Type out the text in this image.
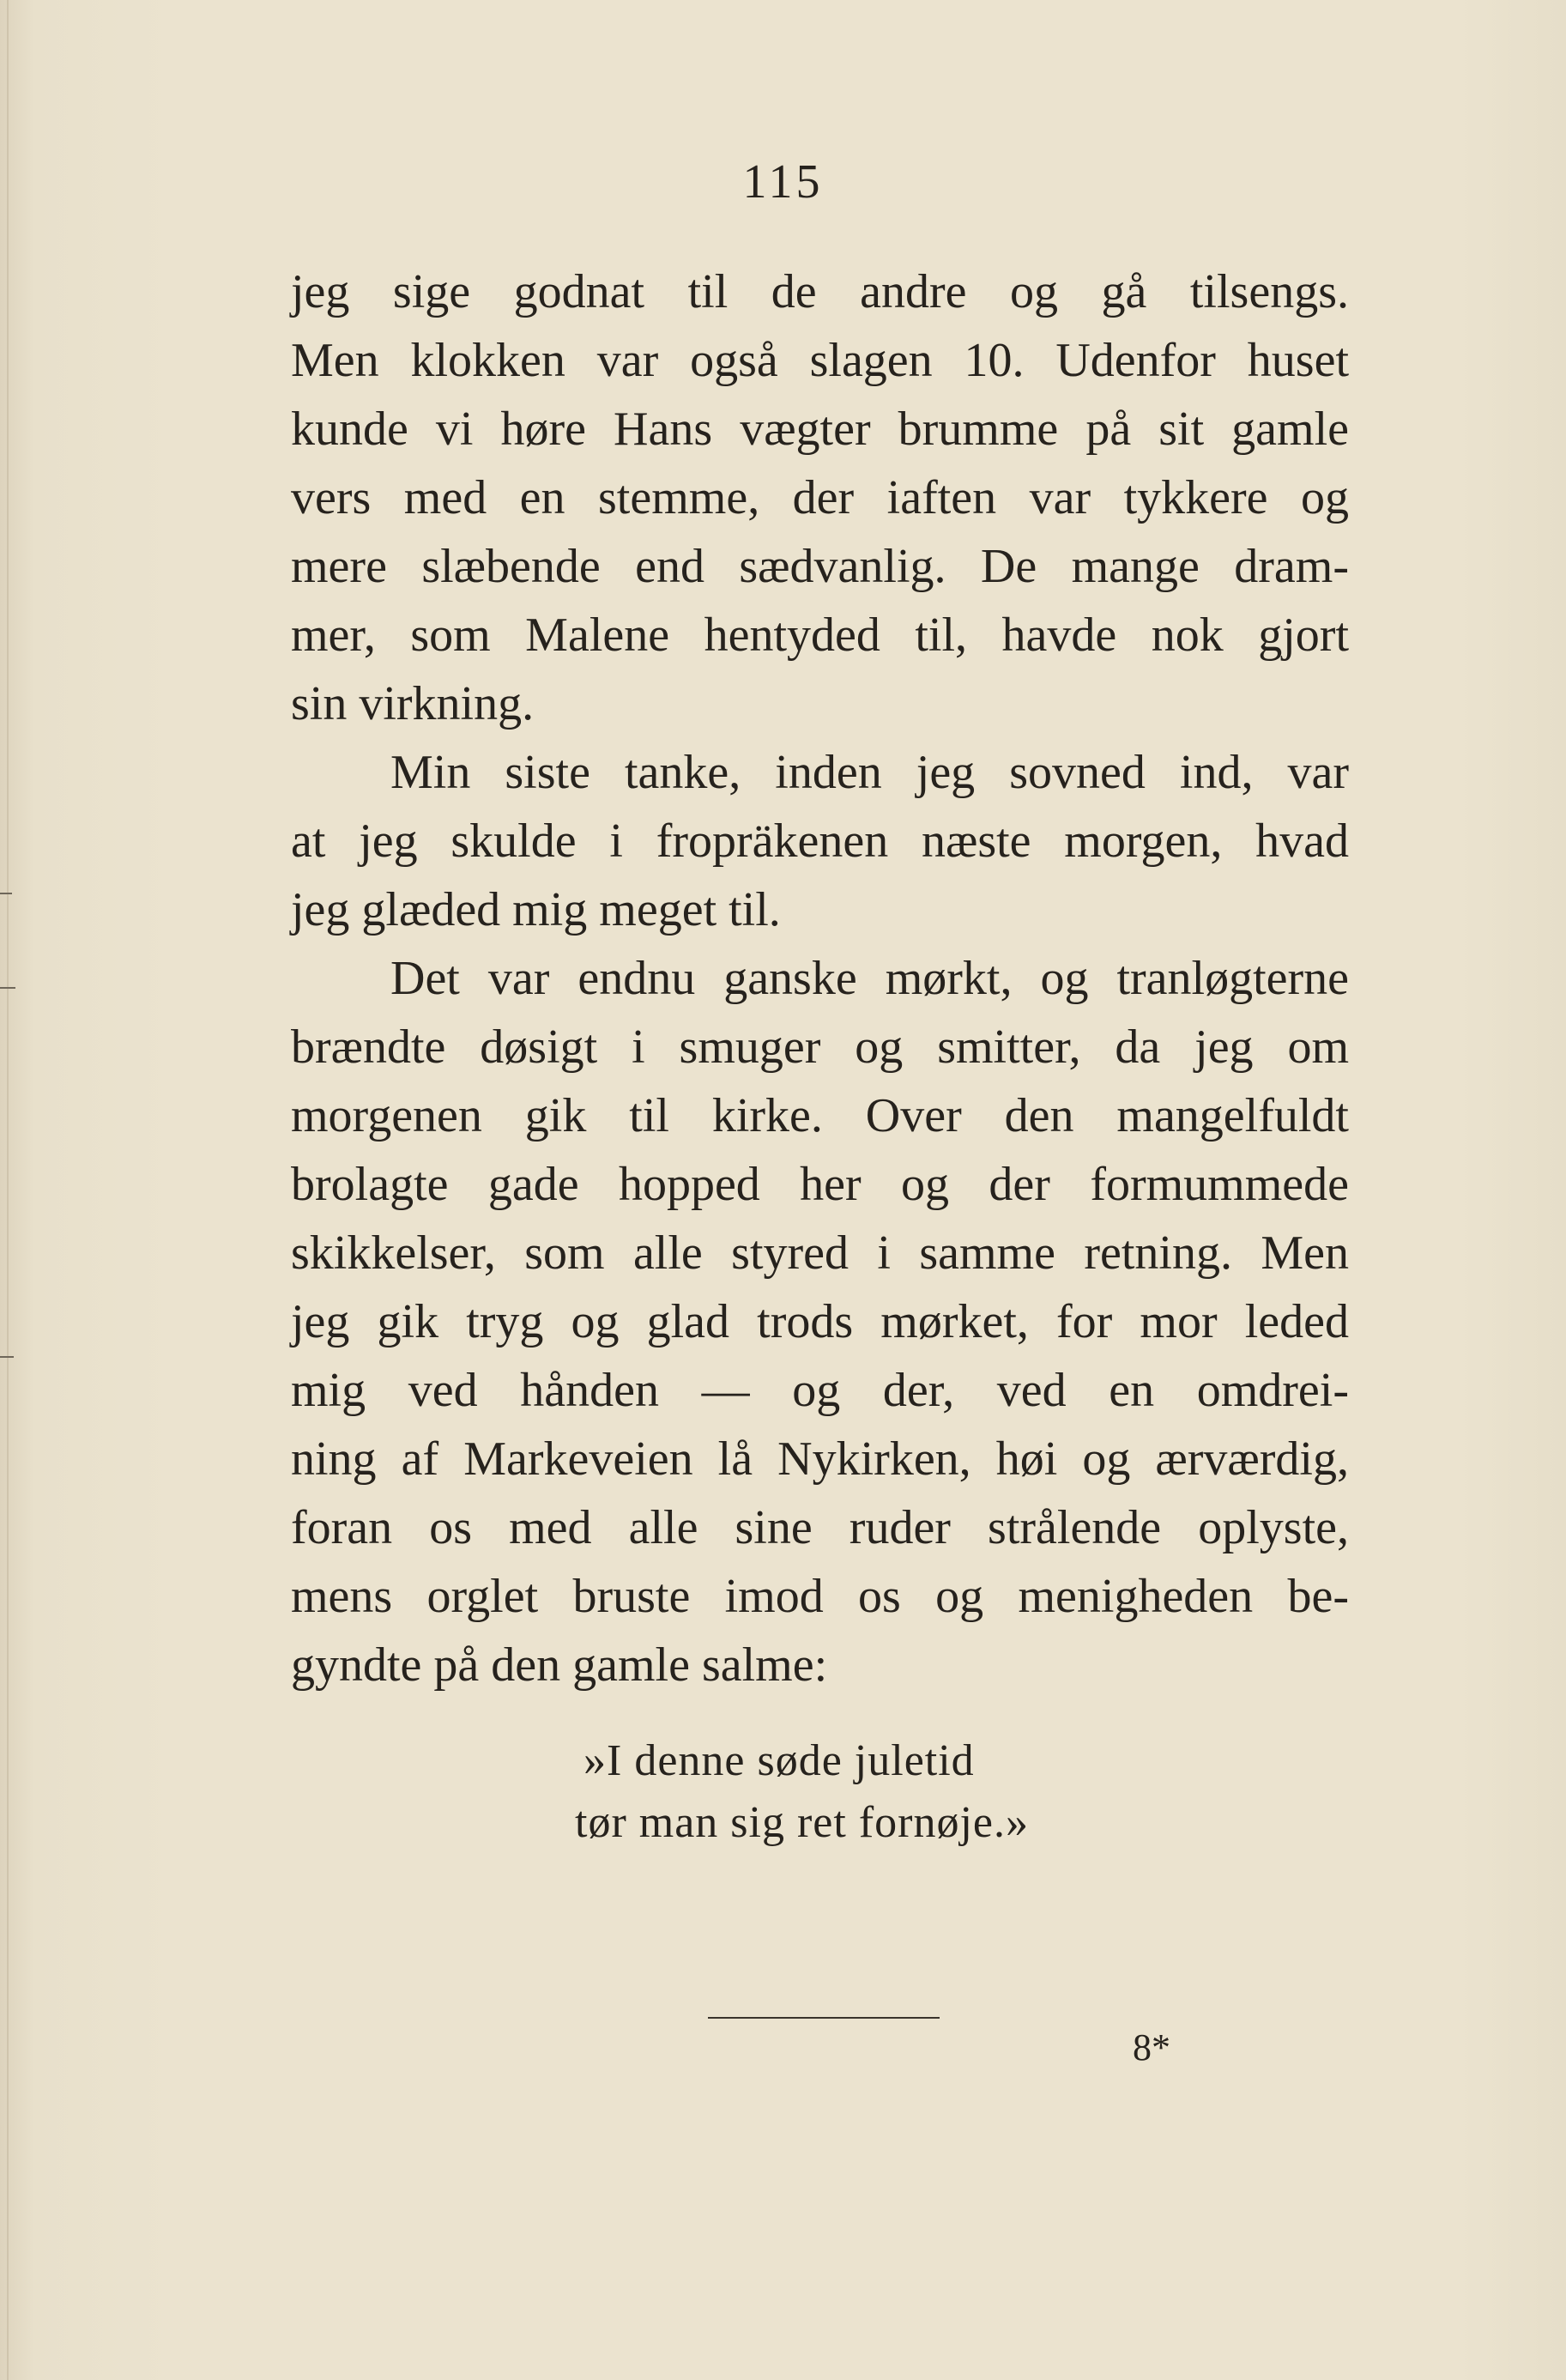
115
jeg sige godnat til de andre og gå tilsengs.
Men klokken var også slagen 10. Udenfor huset
kunde vi høre Hans vægter brumme på sit gamle
vers med en stemme, der iaften var tykkere og
mere slæbende end sædvanlig. De mange dram-
mer, som Malene hentyded til, havde nok gjort
sin virkning.
Min siste tanke, inden jeg sovned ind, var
at jeg skulde i fropräkenen næste morgen, hvad
jeg glæded mig meget til.
Det var endnu ganske mørkt, og tranløgterne
brændte døsigt i smuger og smitter, da jeg om
morgenen gik til kirke. Over den mangelfuldt
brolagte gade hopped her og der formummede
skikkelser, som alle styred i samme retning. Men
jeg gik tryg og glad trods mørket, for mor leded
mig ved hånden — og der, ved en omdrei-
ning af Markeveien lå Nykirken, høi og ærværdig,
foran os med alle sine ruder strålende oplyste,
mens orglet bruste imod os og menigheden be-
gyndte på den gamle salme:
»I denne søde juletid
tør man sig ret fornøje.»
8*
